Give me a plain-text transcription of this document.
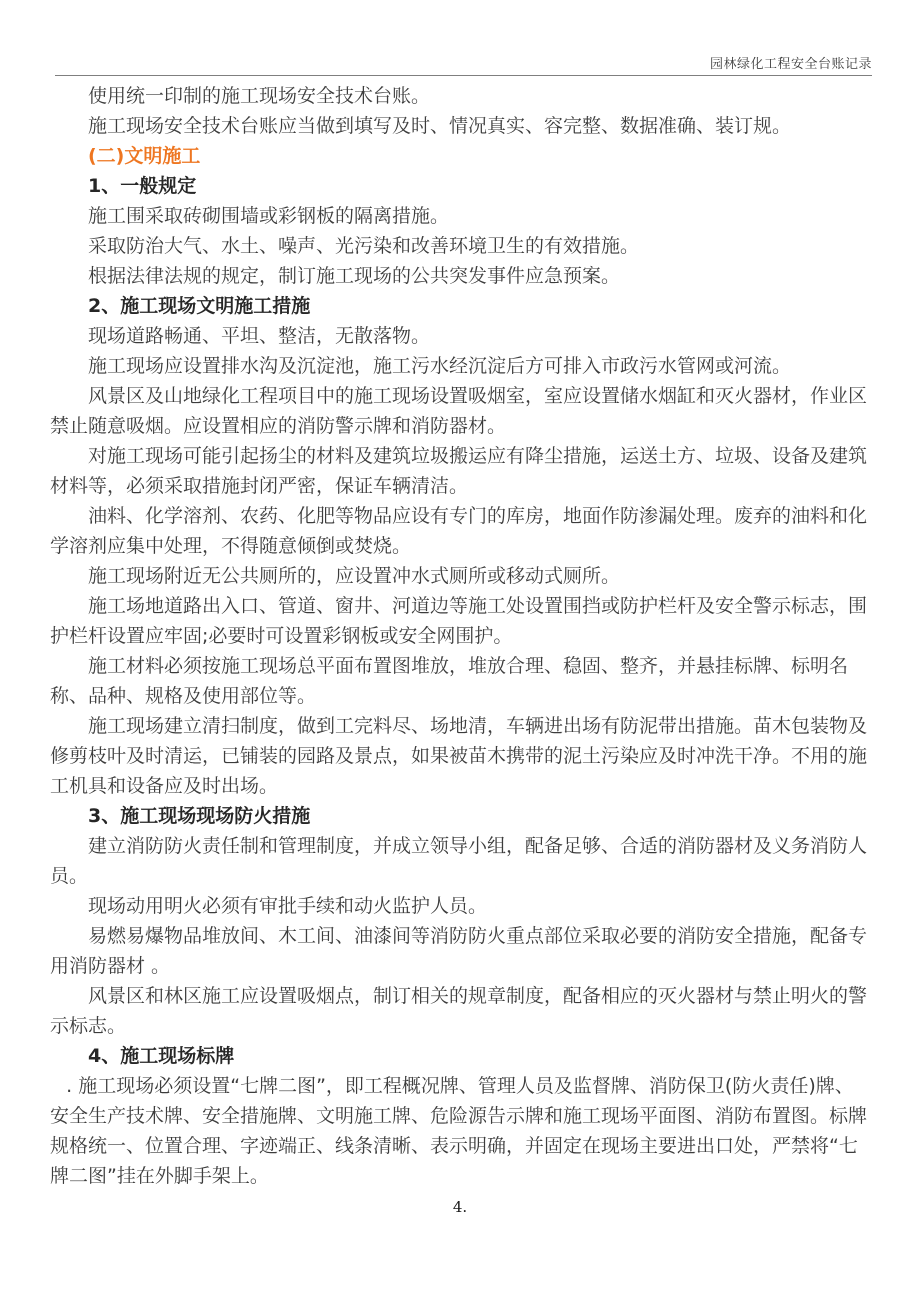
园林绿化工程安全台账记录

使用统一印制的施工现场安全技术台账。

施工现场安全技术台账应当做到填写及时、情况真实、容完整、数据准确、装订规。

(二)文明施工

1、一般规定

施工围采取砖砌围墙或彩钢板的隔离措施。

采取防治大气、水土、噪声、光污染和改善环境卫生的有效措施。

根据法律法规的规定，制订施工现场的公共突发事件应急预案。

2、施工现场文明施工措施

现场道路畅通、平坦、整洁，无散落物。

施工现场应设置排水沟及沉淀池，施工污水经沉淀后方可排入市政污水管网或河流。

风景区及山地绿化工程项目中的施工现场设置吸烟室，室应设置储水烟缸和灭火器材，作业区禁止随意吸烟。应设置相应的消防警示牌和消防器材。

对施工现场可能引起扬尘的材料及建筑垃圾搬运应有降尘措施，运送土方、垃圾、设备及建筑材料等，必须采取措施封闭严密，保证车辆清洁。

油料、化学溶剂、农药、化肥等物品应设有专门的库房，地面作防渗漏处理。废弃的油料和化学溶剂应集中处理，不得随意倾倒或焚烧。

施工现场附近无公共厕所的，应设置冲水式厕所或移动式厕所。

施工场地道路出入口、管道、窗井、河道边等施工处设置围挡或防护栏杆及安全警示标志，围护栏杆设置应牢固;必要时可设置彩钢板或安全网围护。

施工材料必须按施工现场总平面布置图堆放，堆放合理、稳固、整齐，并悬挂标牌、标明名称、品种、规格及使用部位等。

施工现场建立清扫制度，做到工完料尽、场地清，车辆进出场有防泥带出措施。苗木包装物及修剪枝叶及时清运，已铺装的园路及景点，如果被苗木携带的泥土污染应及时冲洗干净。不用的施工机具和设备应及时出场。

3、施工现场现场防火措施

建立消防防火责任制和管理制度，并成立领导小组，配备足够、合适的消防器材及义务消防人员。

现场动用明火必须有审批手续和动火监护人员。

易燃易爆物品堆放间、木工间、油漆间等消防防火重点部位采取必要的消防安全措施，配备专用消防器材 。

风景区和林区施工应设置吸烟点，制订相关的规章制度，配备相应的灭火器材与禁止明火的警示标志。

4、施工现场标牌

. 施工现场必须设置“七牌二图”，即工程概况牌、管理人员及监督牌、消防保卫(防火责任)牌、安全生产技术牌、安全措施牌、文明施工牌、危险源告示牌和施工现场平面图、消防布置图。标牌规格统一、位置合理、字迹端正、线条清晰、表示明确，并固定在现场主要进出口处，严禁将“七牌二图”挂在外脚手架上。

4.
